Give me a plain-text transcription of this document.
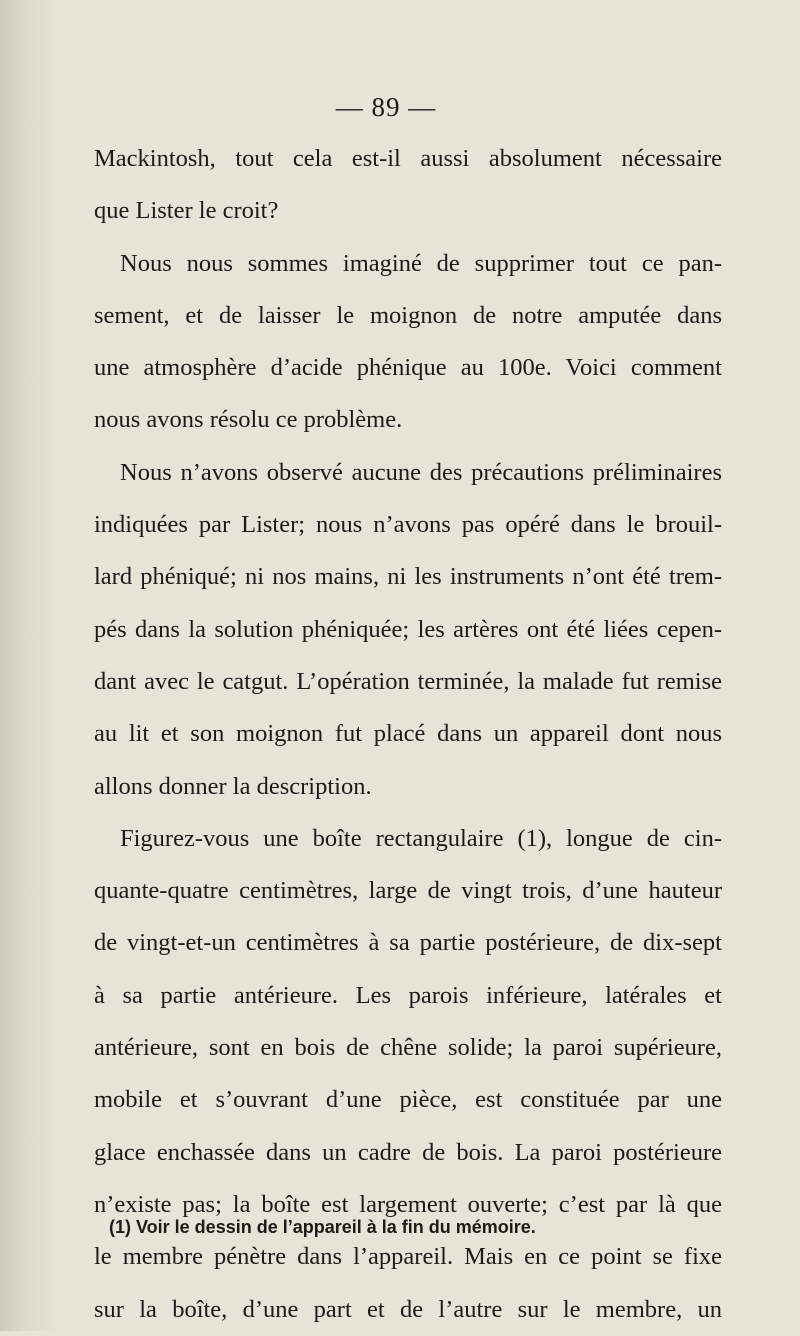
— 89 —
Mackintosh, tout cela est-il aussi absolument nécessaire
que Lister le croit?
Nous nous sommes imaginé de supprimer tout ce pan-
sement, et de laisser le moignon de notre amputée dans
une atmosphère d’acide phénique au 100e. Voici comment
nous avons résolu ce problème.
Nous n’avons observé aucune des précautions préliminaires
indiquées par Lister; nous n’avons pas opéré dans le brouil-
lard phéniqué; ni nos mains, ni les instruments n’ont été trem-
pés dans la solution phéniquée; les artères ont été liées cepen-
dant avec le catgut. L’opération terminée, la malade fut remise
au lit et son moignon fut placé dans un appareil dont nous
allons donner la description.
Figurez-vous une boîte rectangulaire (1), longue de cin-
quante-quatre centimètres, large de vingt trois, d’une hauteur
de vingt-et-un centimètres à sa partie postérieure, de dix-sept
à sa partie antérieure. Les parois inférieure, latérales et
antérieure, sont en bois de chêne solide; la paroi supérieure,
mobile et s’ouvrant d’une pièce, est constituée par une
glace enchassée dans un cadre de bois. La paroi postérieure
n’existe pas; la boîte est largement ouverte; c’est par là que
le membre pénètre dans l’appareil. Mais en ce point se fixe
sur la boîte, d’une part et de l’autre sur le membre, un
(1) Voir le dessin de l’appareil à la fin du mémoire.
